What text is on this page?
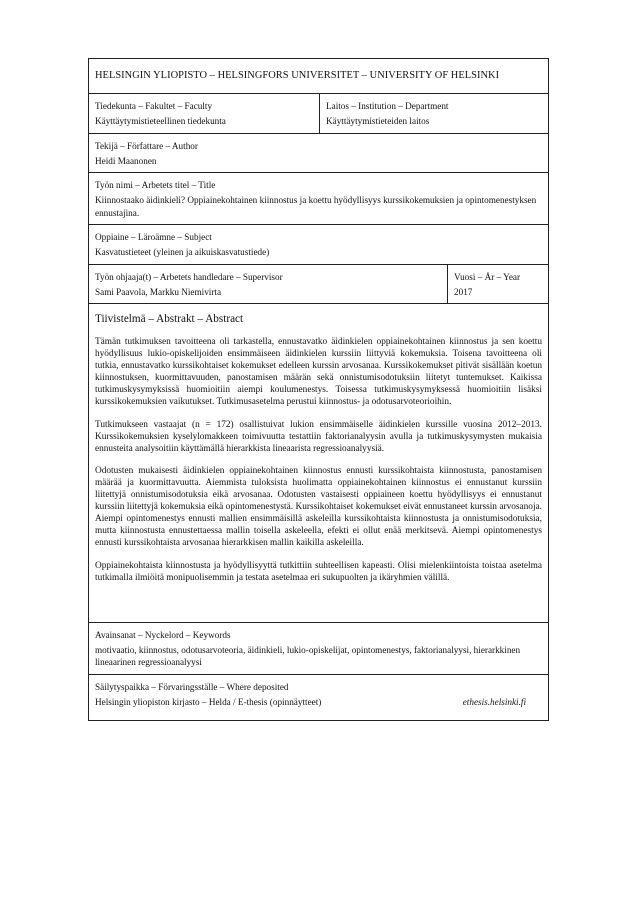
HELSINGIN YLIOPISTO – HELSINGFORS UNIVERSITET – UNIVERSITY OF HELSINKI
Tiedekunta – Fakultet – Faculty
Käyttäytymistieteellinen tiedekunta
Laitos – Institution – Department
Käyttäytymistieteiden laitos
Tekijä – Författare – Author
Heidi Maanonen
Työn nimi – Arbetets titel – Title
Kiinnostaako äidinkieli? Oppiainekohtainen kiinnostus ja koettu hyödyllisyys kurssikokemuksien ja opintomenestyksen ennustajina.
Oppiaine – Läroämne – Subject
Kasvatustieteet (yleinen ja aikuiskasvatustiede)
Työn ohjaaja(t) – Arbetets handledare – Supervisor
Sami Paavola, Markku Niemivirta
Vuosi – År – Year
2017
Tiivistelmä – Abstrakt – Abstract

Tämän tutkimuksen tavoitteena oli tarkastella, ennustavatko äidinkielen oppiainekohtainen kiinnostus ja sen koettu hyödyllisuus lukio-opiskelijoiden ensimmäiseen äidinkielen kurssiin liittyviä kokemuksia. Toisena tavoitteena oli tutkia, ennustavatko kurssikohtaiset kokemukset edelleen kurssin arvosanaa. Kurssikokemukset pitivät sisällään koetun kiinnostuksen, kuormittavuuden, panostamisen määrän sekä onnistumisodotuksiin liitetyt tuntemukset. Kaikissa tutkimuskysymyksissä huomioitiin aiempi koulumenestys. Toisessa tutkimuskysymyksessä huomioitiin lisäksi kurssikokemuksien vaikutukset. Tutkimusasetelma perustui kiinnostus- ja odotusarvoteorioihin.

Tutkimukseen vastaajat (n = 172) osallistuivat lukion ensimmäiselle äidinkielen kurssille vuosina 2012–2013. Kurssikokemuksien kyselylomakkeen toimivuutta testattiin faktorianalyysin avulla ja tutkimuskysymysten mukaisia ennusteita analysoitiin käyttämällä hierarkkista lineaarista regressioanalyysiä.

Odotusten mukaisesti äidinkielen oppiainekohtainen kiinnostus ennusti kurssikohtaista kiinnostusta, panostamisen määrää ja kuormittavuutta. Aiemmista tuloksista huolimatta oppiainekohtainen kiinnostus ei ennustanut kurssiin liitettyjä onnistumisodotuksia eikä arvosanaa. Odotusten vastaisesti oppiaineen koettu hyödyllisyys ei ennustanut kurssiin liitettyjä kokemuksia eikä opintomenestystä. Kurssikohtaiset kokemukset eivät ennustaneet kurssin arvosanoja. Aiempi opintomenestys ennusti mallien ensimmäisillä askeleilla kurssikohtaista kiinnostusta ja onnistumisodotuksia, mutta kiinnostusta ennustettaessa mallin toisella askeleella, efekti ei ollut enää merkitsevä. Aiempi opintomenestys ennusti kurssikohtaista arvosanaa hierarkkisen mallin kaikilla askeleilla.

Oppiainekohtaista kiinnostusta ja hyödyllisyyttä tutkittiin suhteellisen kapeasti. Olisi mielenkiintoista toistaa asetelma tutkimalla ilmiöitä monipuolisemmin ja testata asetelmaa eri sukupuolten ja ikäryhmien välillä.

Avainsanat – Nyckelord – Keywords
motivaatio, kiinnostus, odotusarvoteoria, äidinkieli, lukio-opiskelijat, opintomenestys, faktorianalyysi, hierarkkinen lineaarinen regressioanalyysi
Säilytyspaikka – Förvaringsställe – Where deposited
Helsingin yliopiston kirjasto – Helda / E-thesis (opinnäytteet)	ethesis.helsinki.fi
